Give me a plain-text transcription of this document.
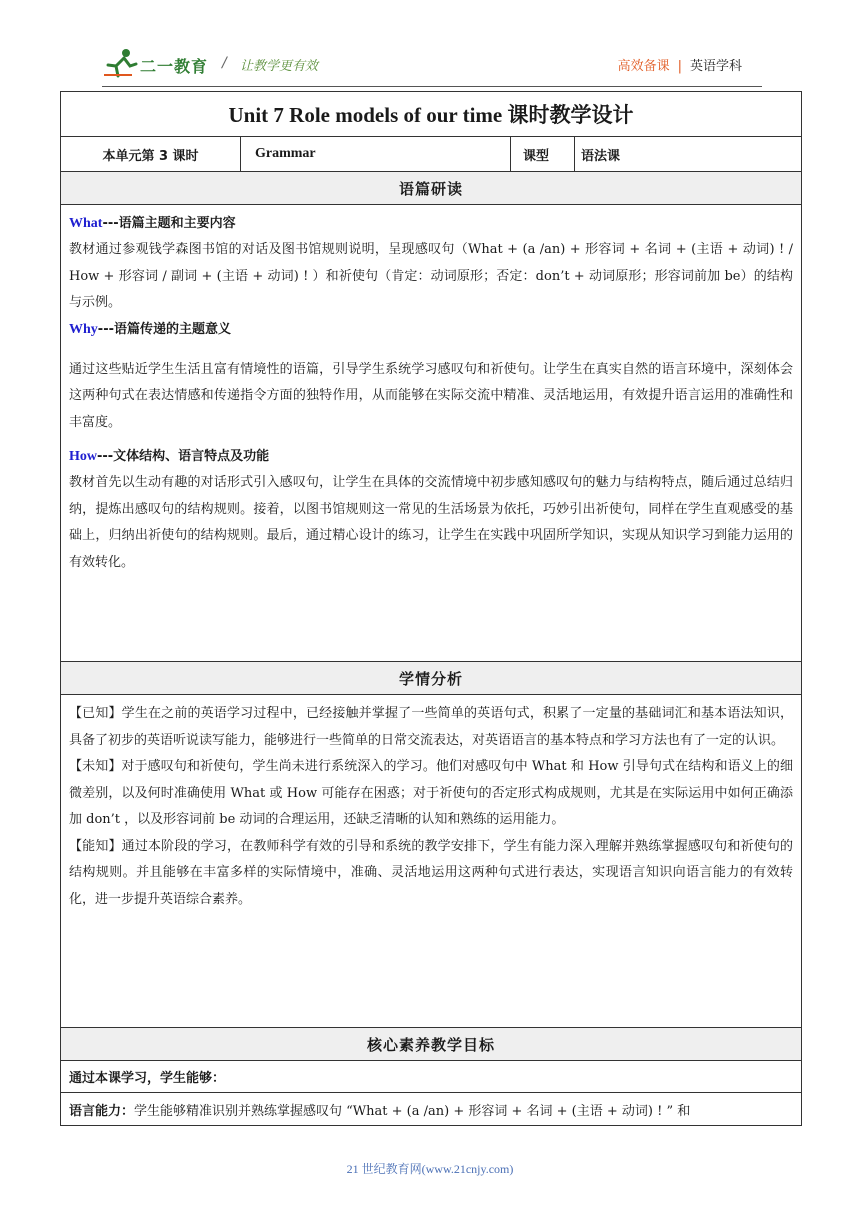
二一教育 / 让教学更有效	高效备课 | 英语学科
Unit 7 Role models of our time 课时教学设计
本单元第 3 课时	Grammar	课型	语法课
语篇研读

What---语篇主题和主要内容

教材通过参观钱学森图书馆的对话及图书馆规则说明，呈现感叹句（What + (a /an) + 形容词 + 名词 + (主语 + 动词) ! / How + 形容词 / 副词 + (主语 + 动词) ! ）和祈使句（肯定：动词原形；否定：don’t + 动词原形；形容词前加 be）的结构与示例。

Why---语篇传递的主题意义

通过这些贴近学生生活且富有情境性的语篇，引导学生系统学习感叹句和祈使句。让学生在真实自然的语言环境中，深刻体会这两种句式在表达情感和传递指令方面的独特作用，从而能够在实际交流中精准、灵活地运用，有效提升语言运用的准确性和丰富度。

How---文体结构、语言特点及功能

教材首先以生动有趣的对话形式引入感叹句，让学生在具体的交流情境中初步感知感叹句的魅力与结构特点，随后通过总结归纳，提炼出感叹句的结构规则。接着，以图书馆规则这一常见的生活场景为依托，巧妙引出祈使句，同样在学生直观感受的基础上，归纳出祈使句的结构规则。最后，通过精心设计的练习，让学生在实践中巩固所学知识，实现从知识学习到能力运用的有效转化。

学情分析

【已知】学生在之前的英语学习过程中，已经接触并掌握了一些简单的英语句式，积累了一定量的基础词汇和基本语法知识，具备了初步的英语听说读写能力，能够进行一些简单的日常交流表达，对英语语言的基本特点和学习方法也有了一定的认识。

【未知】对于感叹句和祈使句，学生尚未进行系统深入的学习。他们对感叹句中 What 和 How 引导句式在结构和语义上的细微差别，以及何时准确使用 What 或 How 可能存在困惑；对于祈使句的否定形式构成规则，尤其是在实际运用中如何正确添加 don’t ，以及形容词前 be 动词的合理运用，还缺乏清晰的认知和熟练的运用能力。

【能知】通过本阶段的学习，在教师科学有效的引导和系统的教学安排下，学生有能力深入理解并熟练掌握感叹句和祈使句的结构规则。并且能够在丰富多样的实际情境中，准确、灵活地运用这两种句式进行表达，实现语言知识向语言能力的有效转化，进一步提升英语综合素养。

核心素养教学目标
通过本课学习，学生能够：
语言能力： 学生能够精准识别并熟练掌握感叹句 “What + (a /an) + 形容词 + 名词 + (主语 + 动词) ! ” 和
21 世纪教育网(www.21cnjy.com)
